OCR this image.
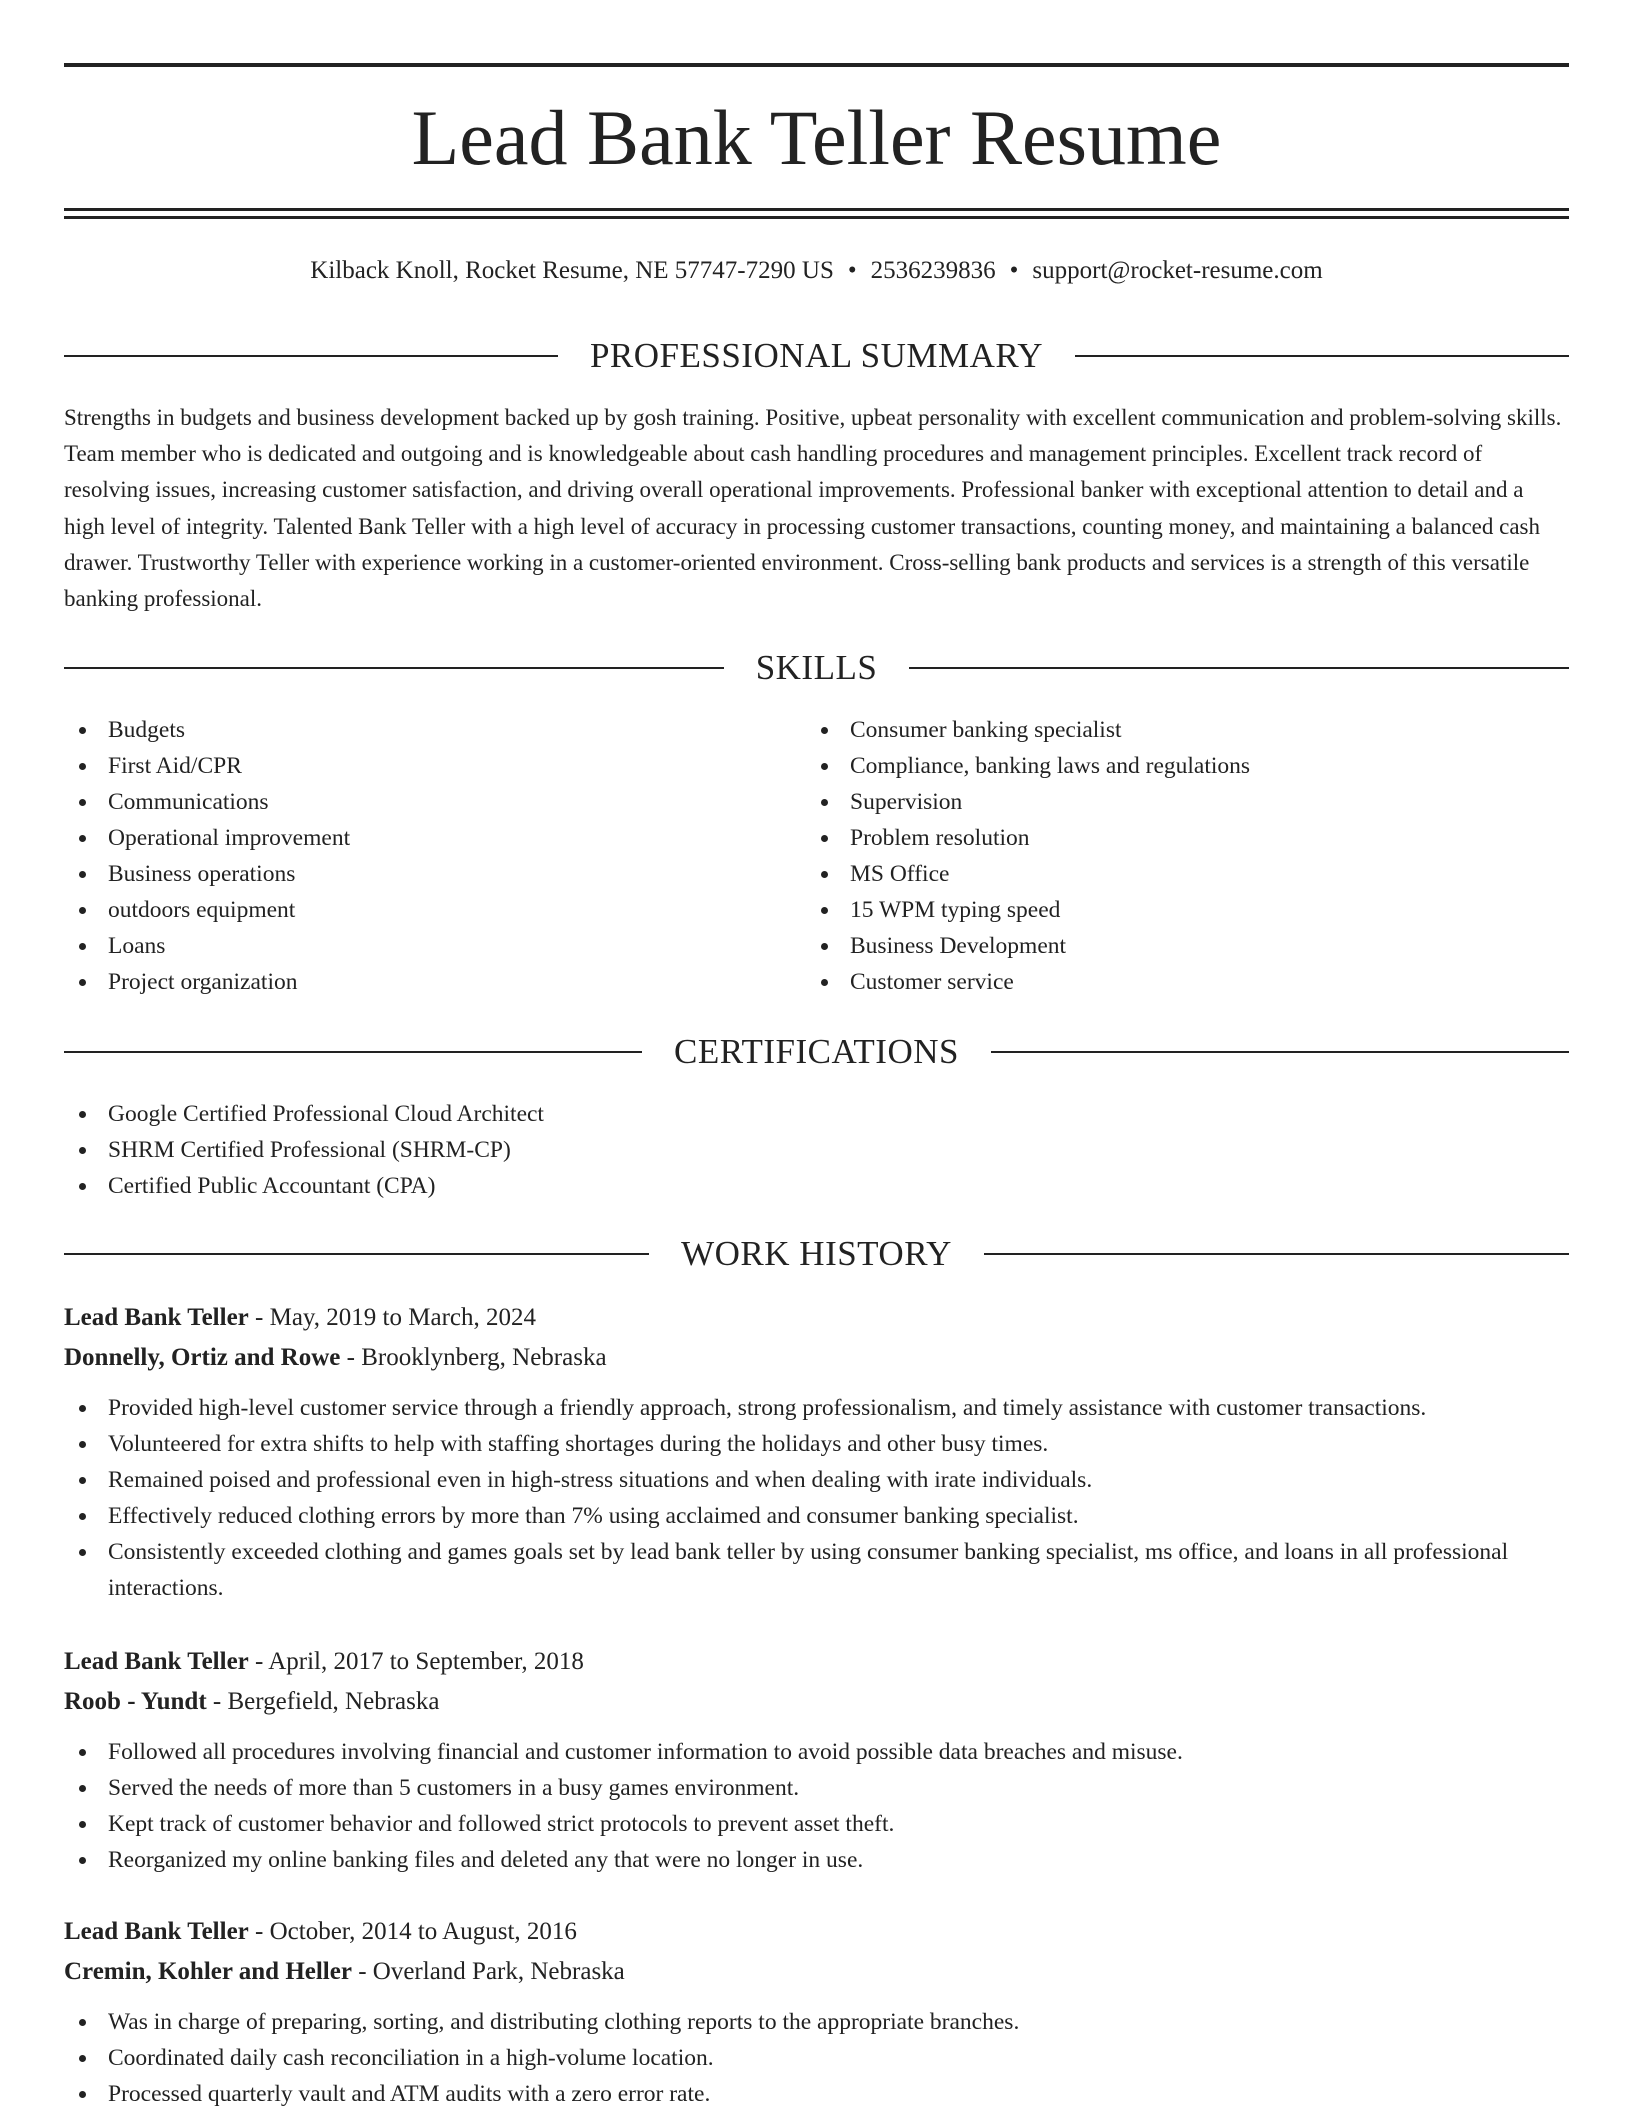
Lead Bank Teller Resume
Kilback Knoll, Rocket Resume, NE 57747-7290 US • 2536239836 • support@rocket-resume.com
PROFESSIONAL SUMMARY

Strengths in budgets and business development backed up by gosh training. Positive, upbeat personality with excellent communication and problem-solving skills. Team member who is dedicated and outgoing and is knowledgeable about cash handling procedures and management principles. Excellent track record of resolving issues, increasing customer satisfaction, and driving overall operational improvements. Professional banker with exceptional attention to detail and a high level of integrity. Talented Bank Teller with a high level of accuracy in processing customer transactions, counting money, and maintaining a balanced cash drawer. Trustworthy Teller with experience working in a customer-oriented environment. Cross-selling bank products and services is a strength of this versatile banking professional.

SKILLS
Budgets
First Aid/CPR
Communications
Operational improvement
Business operations
outdoors equipment
Loans
Project organization
Consumer banking specialist
Compliance, banking laws and regulations
Supervision
Problem resolution
MS Office
15 WPM typing speed
Business Development
Customer service
CERTIFICATIONS
Google Certified Professional Cloud Architect
SHRM Certified Professional (SHRM-CP)
Certified Public Accountant (CPA)
WORK HISTORY
Lead Bank Teller - May, 2019 to March, 2024
Donnelly, Ortiz and Rowe - Brooklynberg, Nebraska
Provided high-level customer service through a friendly approach, strong professionalism, and timely assistance with customer transactions.
Volunteered for extra shifts to help with staffing shortages during the holidays and other busy times.
Remained poised and professional even in high-stress situations and when dealing with irate individuals.
Effectively reduced clothing errors by more than 7% using acclaimed and consumer banking specialist.
Consistently exceeded clothing and games goals set by lead bank teller by using consumer banking specialist, ms office, and loans in all professional interactions.
Lead Bank Teller - April, 2017 to September, 2018
Roob - Yundt - Bergefield, Nebraska
Followed all procedures involving financial and customer information to avoid possible data breaches and misuse.
Served the needs of more than 5 customers in a busy games environment.
Kept track of customer behavior and followed strict protocols to prevent asset theft.
Reorganized my online banking files and deleted any that were no longer in use.
Lead Bank Teller - October, 2014 to August, 2016
Cremin, Kohler and Heller - Overland Park, Nebraska
Was in charge of preparing, sorting, and distributing clothing reports to the appropriate branches.
Coordinated daily cash reconciliation in a high-volume location.
Processed quarterly vault and ATM audits with a zero error rate.
